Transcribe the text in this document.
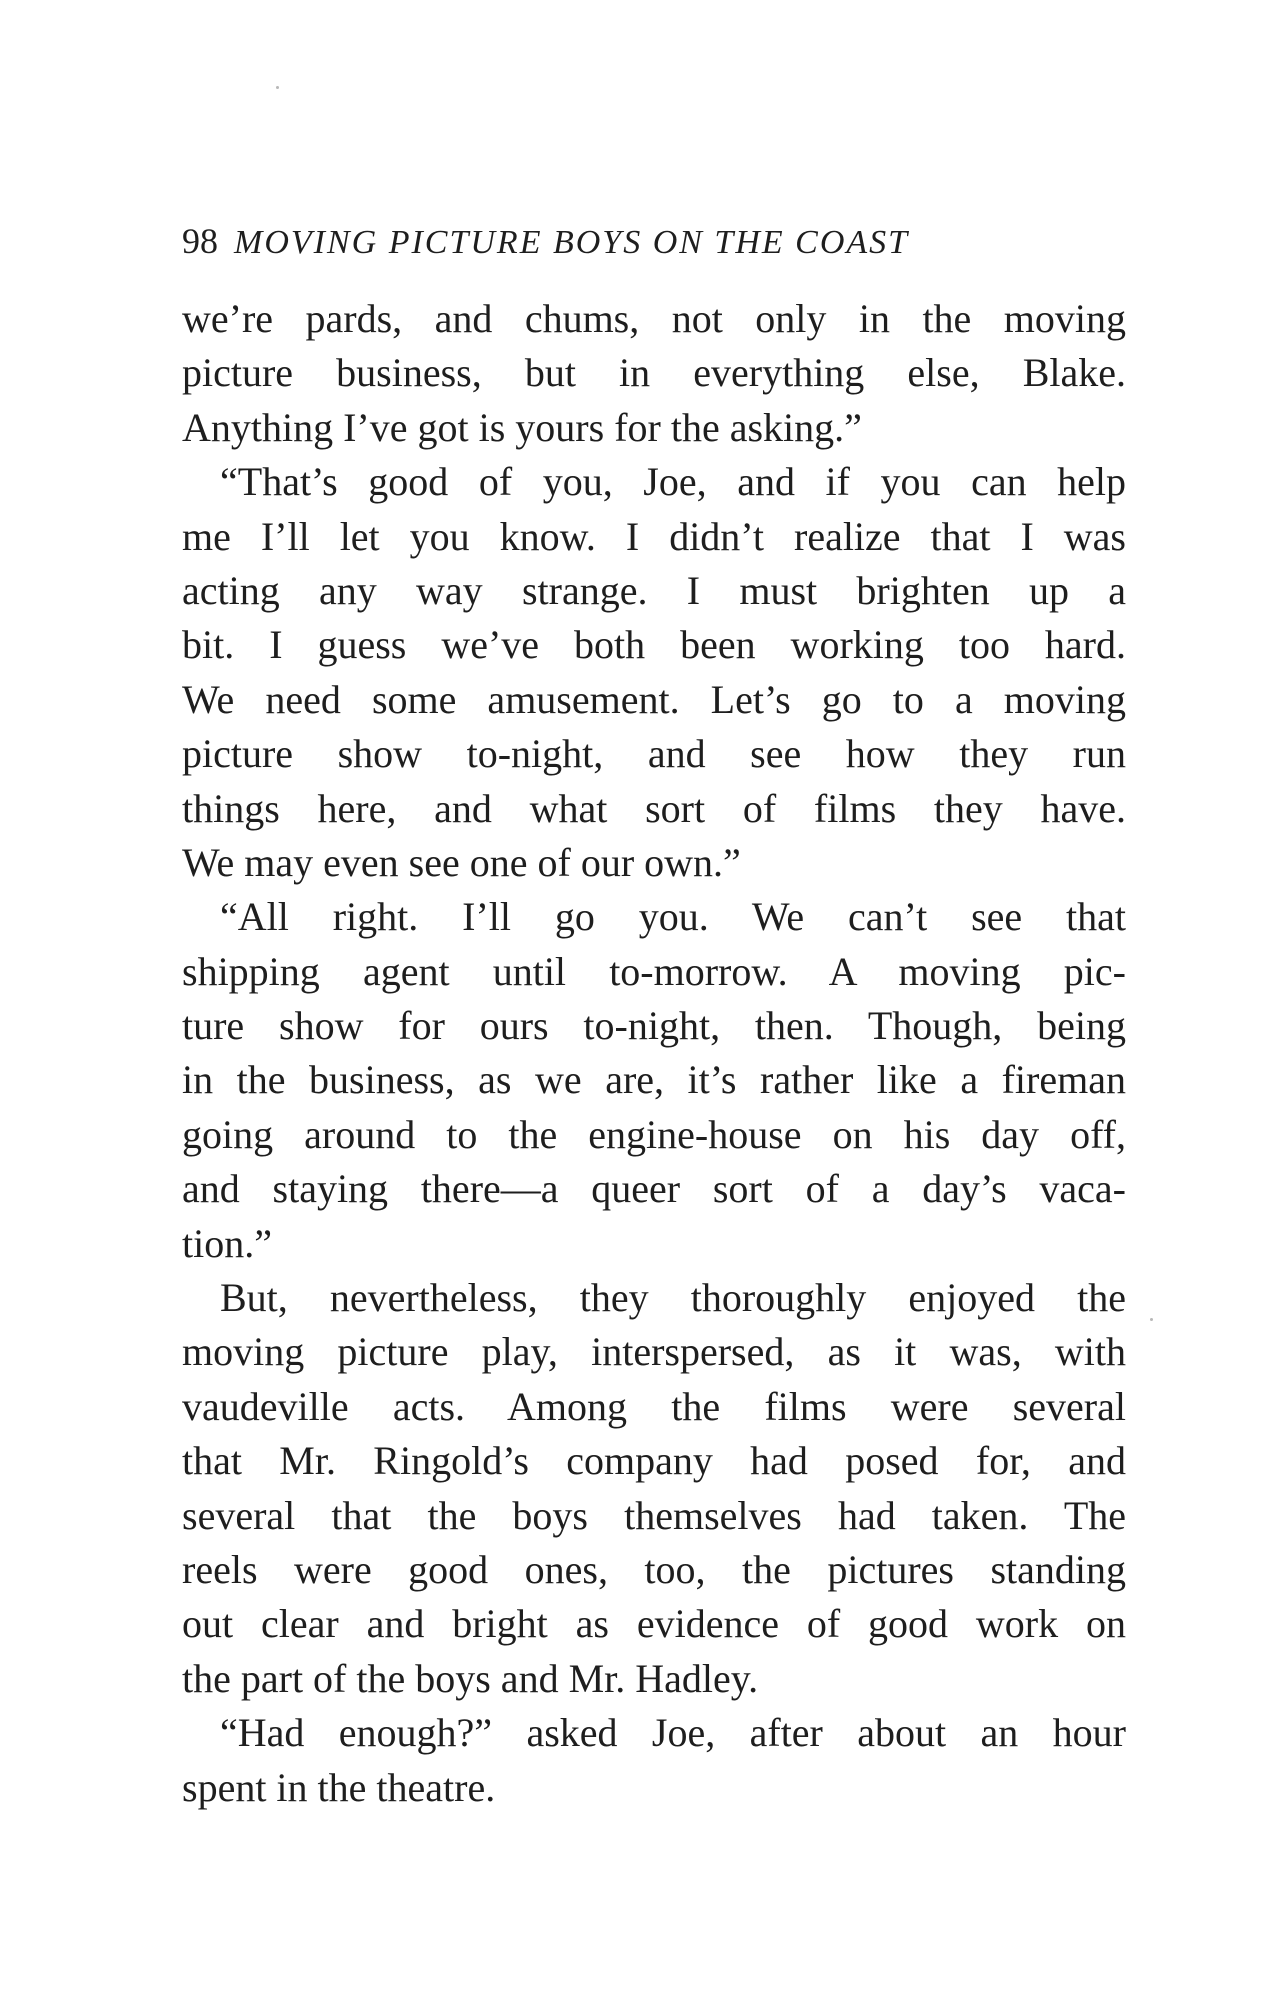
98 MOVING PICTURE BOYS ON THE COAST
we’re pards, and chums, not only in the moving
picture business, but in everything else, Blake.
Anything I’ve got is yours for the asking.”
“That’s good of you, Joe, and if you can help
me I’ll let you know. I didn’t realize that I was
acting any way strange. I must brighten up a
bit. I guess we’ve both been working too hard.
We need some amusement. Let’s go to a moving
picture show to-night, and see how they run
things here, and what sort of films they have.
We may even see one of our own.”
“All right. I’ll go you. We can’t see that
shipping agent until to-morrow. A moving pic-
ture show for ours to-night, then. Though, being
in the business, as we are, it’s rather like a fireman
going around to the engine-house on his day off,
and staying there—a queer sort of a day’s vaca-
tion.”
But, nevertheless, they thoroughly enjoyed the
moving picture play, interspersed, as it was, with
vaudeville acts. Among the films were several
that Mr. Ringold’s company had posed for, and
several that the boys themselves had taken. The
reels were good ones, too, the pictures standing
out clear and bright as evidence of good work on
the part of the boys and Mr. Hadley.
“Had enough?” asked Joe, after about an hour
spent in the theatre.
